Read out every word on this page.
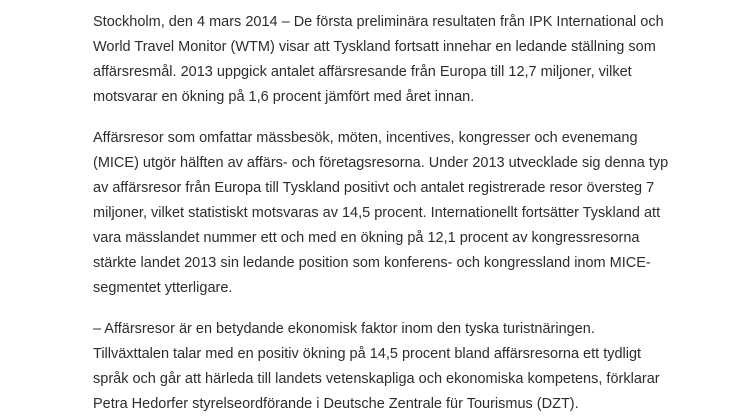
Stockholm, den 4 mars 2014 – De första preliminära resultaten från IPK International och
World Travel Monitor (WTM) visar att Tyskland fortsatt innehar en ledande ställning som
affärsresmål. 2013 uppgick antalet affärsresande från Europa till 12,7 miljoner, vilket
motsvarar en ökning på 1,6 procent jämfört med året innan.

Affärsresor som omfattar mässbesök, möten, incentives, kongresser och evenemang
(MICE) utgör hälften av affärs- och företagsresorna. Under 2013 utvecklade sig denna typ
av affärsresor från Europa till Tyskland positivt och antalet registrerade resor översteg 7
miljoner, vilket statistiskt motsvaras av 14,5 procent. Internationellt fortsätter Tyskland att
vara mässlandet nummer ett och med en ökning på 12,1 procent av kongressresorna
stärkte landet 2013 sin ledande position som konferens- och kongressland inom MICE-
segmentet ytterligare.

– Affärsresor är en betydande ekonomisk faktor inom den tyska turistnäringen.
Tillväxttalen talar med en positiv ökning på 14,5 procent bland affärsresorna ett tydligt
språk och går att härleda till landets vetenskapliga och ekonomiska kompetens, förklarar
Petra Hedorfer styrelseordförande i Deutsche Zentrale für Tourismus (DZT).
